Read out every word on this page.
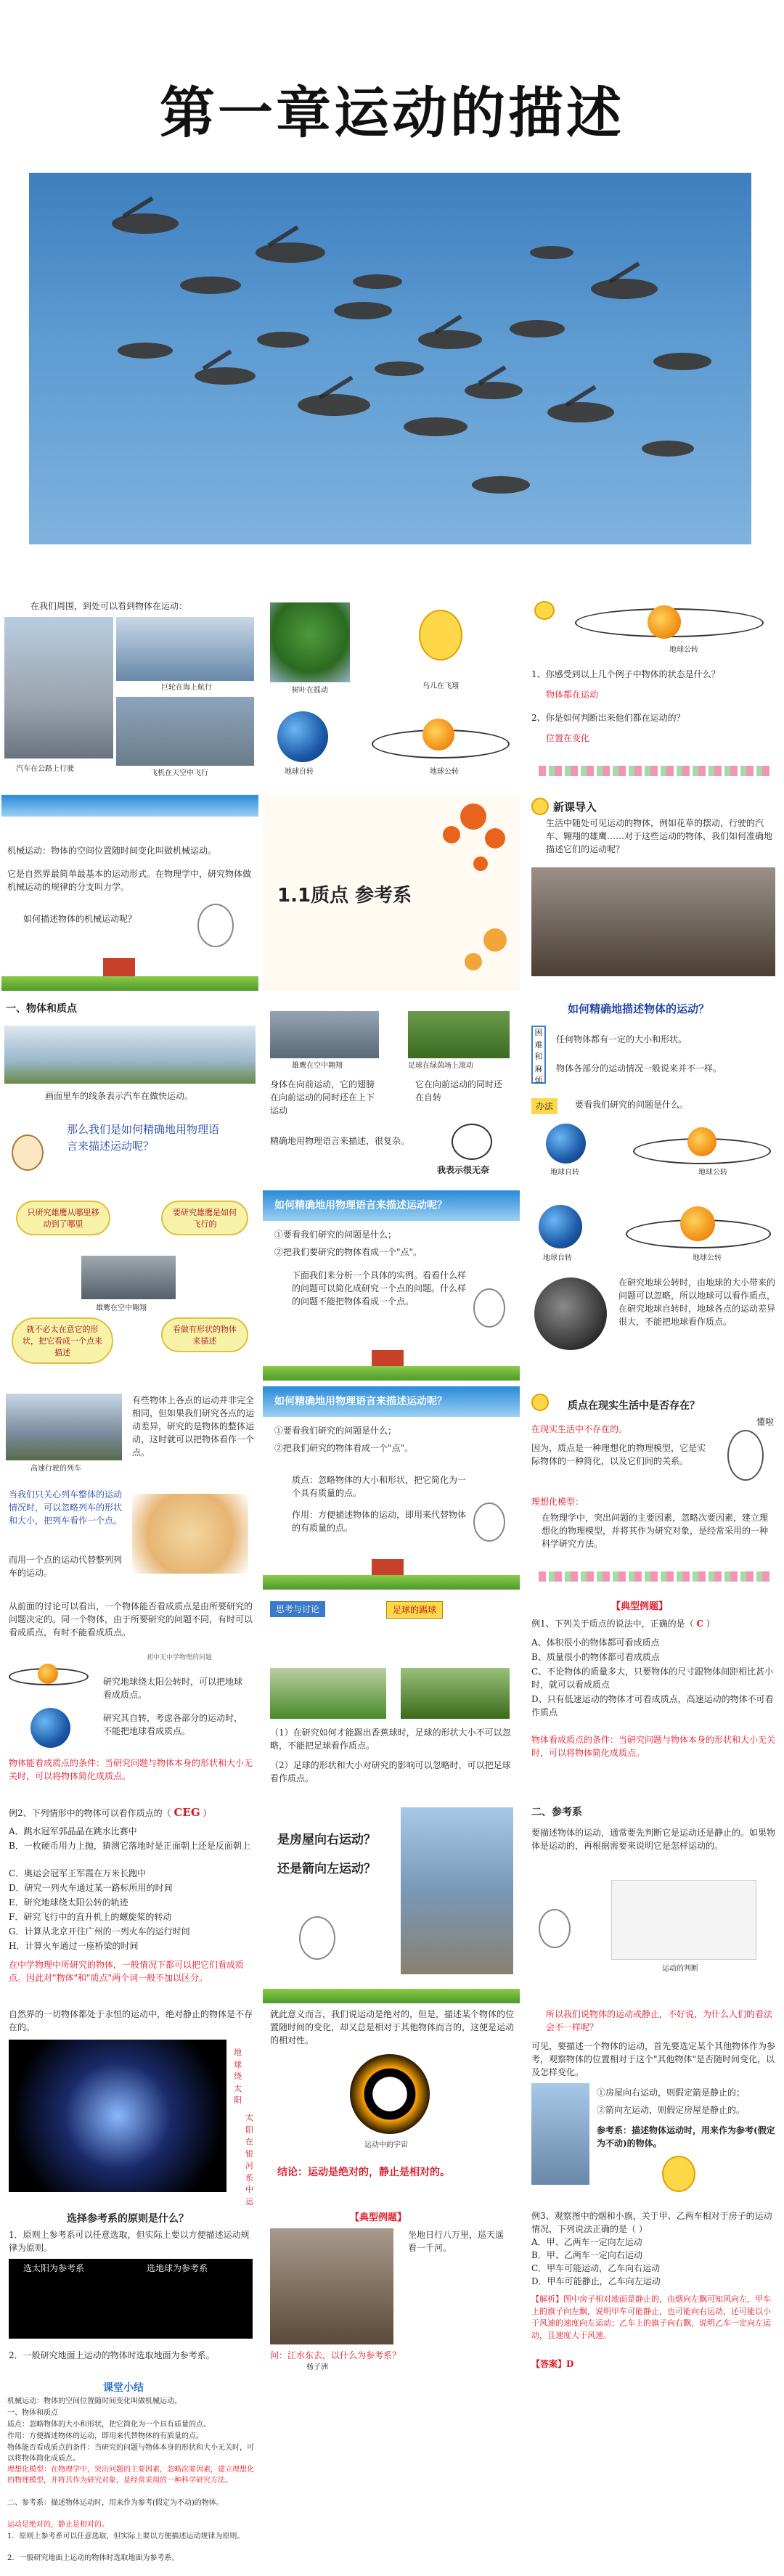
第一章运动的描述
在我们周围，到处可以看到物体在运动：
巨轮在海上航行
汽车在公路上行驶
飞机在天空中飞行
树叶在摇动
鸟儿在飞翔
地球自转	地球公转
地球公转
1、你感受到以上几个例子中物体的状态是什么？
物体都在运动
2、你是如何判断出来他们都在运动的？
位置在变化
机械运动：物体的空间位置随时间变化叫做机械运动。
它是自然界最简单最基本的运动形式。在物理学中，研究物体做机械运动的规律的分支叫力学。
如何描述物体的机械运动呢？
1.1质点 参考系
新课导入
生活中随处可见运动的物体，例如花草的摆动，行驶的汽车、翱翔的雄鹰……对于这些运动的物体，我们如何准确地描述它们的运动呢？
一、物体和质点
画面里车的线条表示汽车在做快运动。
那么我们是如何精确地用物理语言来描述运动呢？
雄鹰在空中翱翔	足球在绿茵场上滚动
身体在向前运动，它的翅膀在向前运动的同时还在上下运动
它在向前运动的同时还在自转
精确地用物理语言来描述，很复杂。
我表示很无奈
如何精确地描述物体的运动？
困难和麻烦
任何物体都有一定的大小和形状。
物体各部分的运动情况一般说来并不一样。
办法	要看我们研究的问题是什么。
地球自转	地球公转
只研究雄鹰从哪里移动到了哪里
要研究雄鹰是如何飞行的
雄鹰在空中翱翔
就不必太在意它的形状，把它看成一个点来描述
看做有形状的物体来描述
如何精确地用物理语言来描述运动呢？
①要看我们研究的问题是什么；
②把我们要研究的物体看成一个"点"。
下面我们来分析一个具体的实例。看看什么样的问题可以简化成研究一个点的问题。什么样的问题不能把物体看成一个点。
地球自转	地球公转
在研究地球公转时，由地球的大小带来的问题可以忽略，所以地球可以看作质点，在研究地球自转时，地球各点的运动差异很大，不能把地球看作质点。
高速行驶的列车
有些物体上各点的运动并非完全相同，但如果我们研究各点的运动差异，研究的是物体的整体运动，这时就可以把物体看作一个点。
当我们只关心列车整体的运动情况时，可以忽略列车的形状和大小，把列车看作一个点。
而用一个点的运动代替整列列车的运动。
如何精确地用物理语言来描述运动呢？
①要看我们研究的问题是什么；
②把我们研究的物体看成一个"点"。
质点：忽略物体的大小和形状，把它简化为一个具有质量的点。
作用：方便描述物体的运动，即用来代替物体的有质量的点。
质点在现实生活中是否存在？
在现实生活中不存在的。
因为，质点是一种理想化的物理模型，它是实际物体的一种简化，以及它们间的关系。
懂啦
理想化模型：
在物理学中，突出问题的主要因素，忽略次要因素，建立理想化的物理模型，并将其作为研究对象，是经常采用的一种科学研究方法。
从前面的讨论可以看出，一个物体能否看成质点是由所要研究的问题决定的。同一个物体，由于所要研究的问题不同，有时可以看成质点，有时不能看成质点。
初中无中学物理的问题
研究地球绕太阳公转时，可以把地球看成质点。
研究其自转，考虑各部分的运动时，不能把地球看成质点。
物体能看成质点的条件：当研究问题与物体本身的形状和大小无关时，可以将物体简化成质点。
思考与讨论	足球的踢球
（1）在研究如何才能踢出香蕉球时，足球的形状大小不可以忽略，不能把足球看作质点。
（2）足球的形状和大小对研究的影响可以忽略时，可以把足球看作质点。
【典型例题】
例1、下列关于质点的说法中，正确的是（ C ）
A、体积很小的物体都可看成质点
B、质量很小的物体都可看成质点
C、不论物体的质量多大，只要物体的尺寸跟物体间距相比甚小时，就可以看成质点
D、只有低速运动的物体才可看成质点，高速运动的物体不可看作质点
物体看成质点的条件：当研究问题与物体本身的形状和大小无关时，可以将物体简化成质点。
例2、下列情形中的物体可以看作质点的（ CEG ）
A．跳水冠军郭晶晶在跳水比赛中
B．一枚硬币用力上抛，猜测它落地时是正面朝上还是反面朝上
C．奥运会冠军王军霞在万米长跑中
D．研究一列火车通过某一路标所用的时间
E．研究地球绕太阳公转的轨迹
F．研究飞行中的直升机上的螺旋桨的转动
G．计算从北京开往广州的一列火车的运行时间
H．计算火车通过一座桥梁的时间
在中学物理中所研究的物体，一般情况下都可以把它们看成质点。因此对"物体"和"质点"两个词一般不加以区分。
是房屋向右运动？
还是箭向左运动？
二、参考系
要描述物体的运动，通常要先判断它是运动还是静止的。如果物体是运动的，再根据需要来说明它是怎样运动的。
运动的判断
自然界的一切物体都处于永恒的运动中，绝对静止的物体是不存在的。
地球绕太阳
太阳在银河系中运
就此意义而言，我们说运动是绝对的，但是，描述某个物体的位置随时间的变化，却又总是相对于其他物体而言的，这便是运动的相对性。
运动中的宇宙
结论：运动是绝对的，静止是相对的。
所以我们说物体的运动或静止，不好说，为什么人们的看法会不一样呢？
可见，要描述一个物体的运动，首先要选定某个其他物体作为参考，观察物体的位置相对于这个"其他物体"是否随时间变化，以及怎样变化。
①房屋向右运动，则假定箭是静止的；
②箭向左运动，则假定房屋是静止的。
参考系：描述物体运动时，用来作为参考(假定为不动)的物体。
选择参考系的原则是什么？
1．原则上参考系可以任意选取，但实际上要以方便描述运动规律为原则。
选太阳为参考系	选地球为参考系
2．一般研究地面上运动的物体时选取地面为参考系。
【典型例题】
坐地日行八万里，巡天遥看一千河。
问：江水东去，以什么为参考系？
杨子洲
例3、观察图中的烟和小旗，关于甲、乙两车相对于房子的运动情况，下列说法正确的是（ ）
A．甲、乙两车一定向左运动
B．甲、乙两车一定向右运动
C．甲车可能运动，乙车向右运动
D．甲车可能静止，乙车向左运动
【解析】图中房子相对地面是静止的，由烟向左飘可知风向左，甲车上的旗子向左飘，说明甲车可能静止，也可能向右运动，还可能以小于风速的速度向左运动；乙车上的旗子向右飘，说明乙车一定向左运动，且速度大于风速。
【答案】D
课堂小结
机械运动：物体的空间位置随时间变化叫做机械运动。
一、物体和质点
质点：忽略物体的大小和形状，把它简化为一个具有质量的点。
作用：方便描述物体的运动，即用来代替物体的有质量的点。
物体能否看成质点的条件：当研究的问题与物体本身的形状和大小无关时，可以将物体简化成质点。
理想化模型：在物理学中，突出问题的主要因素，忽略次要因素，建立理想化的物理模型，并将其作为研究对象，是经常采用的一种科学研究方法。
二、参考系：描述物体运动时，用来作为参考(假定为不动)的物体。
运动是绝对的，静止是相对的。
1．原则上参考系可以任意选取，但实际上要以方便描述运动规律为原则。
2．一般研究地面上运动的物体时选取地面为参考系。
